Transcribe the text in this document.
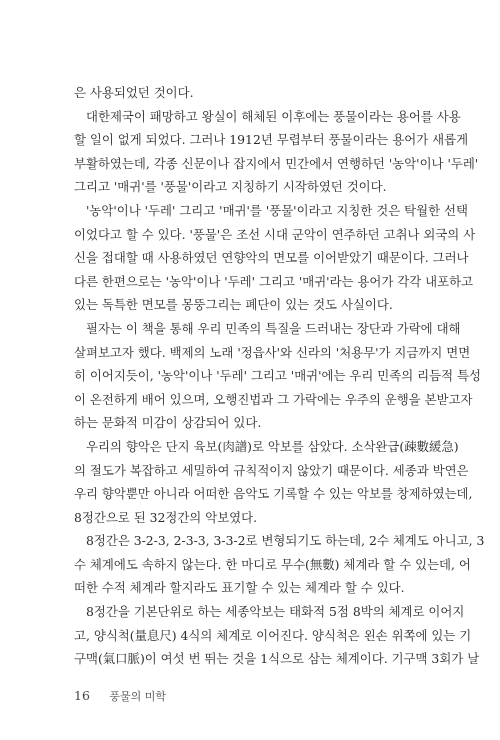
은 사용되었던 것이다.
대한제국이 패망하고 왕실이 해체된 이후에는 풍물이라는 용어를 사용
할 일이 없게 되었다. 그러나 1912년 무렵부터 풍물이라는 용어가 새롭게
부활하였는데, 각종 신문이나 잡지에서 민간에서 연행하던 '농악'이나 '두레'
그리고 '매귀'를 '풍물'이라고 지칭하기 시작하였던 것이다.
'농악'이나 '두레' 그리고 '매귀'를 '풍물'이라고 지칭한 것은 탁월한 선택
이었다고 할 수 있다. '풍물'은 조선 시대 군악이 연주하던 고취나 외국의 사
신을 접대할 때 사용하였던 연향악의 면모를 이어받았기 때문이다. 그러나
다른 한편으로는 '농악'이나 '두레' 그리고 '매귀'라는 용어가 각각 내포하고
있는 독특한 면모를 몽뚱그리는 폐단이 있는 것도 사실이다.
필자는 이 책을 통해 우리 민족의 특질을 드러내는 장단과 가락에 대해
살펴보고자 했다. 백제의 노래 '정읍사'와 신라의 '처용무'가 지금까지 면면
히 이어지듯이, '농악'이나 '두레' 그리고 '매귀'에는 우리 민족의 리듬적 특성
이 온전하게 배어 있으며, 오행진법과 그 가락에는 우주의 운행을 본받고자
하는 문화적 미감이 상감되어 있다.
우리의 향악은 단지 육보(肉譜)로 악보를 삼았다. 소삭완급(疎數緩急)
의 절도가 복잡하고 세밀하여 규칙적이지 않았기 때문이다. 세종과 박연은
우리 향악뿐만 아니라 어떠한 음악도 기록할 수 있는 악보를 창제하였는데,
8정간으로 된 32정간의 악보였다.
8정간은 3-2-3, 2-3-3, 3-3-2로 변형되기도 하는데, 2수 체계도 아니고, 3
수 체계에도 속하지 않는다. 한 마디로 무수(無數) 체계라 할 수 있는데, 어
떠한 수적 체계라 할지라도 표기할 수 있는 체계라 할 수 있다.
8정간을 기본단위로 하는 세종악보는 태화적 5점 8박의 체계로 이어지
고, 양식척(量息尺) 4식의 체계로 이어진다. 양식척은 왼손 위쪽에 있는 기
구맥(氣口脈)이 여섯 번 뛰는 것을 1식으로 삼는 체계이다. 기구맥 3회가 날
16 풍물의 미학
